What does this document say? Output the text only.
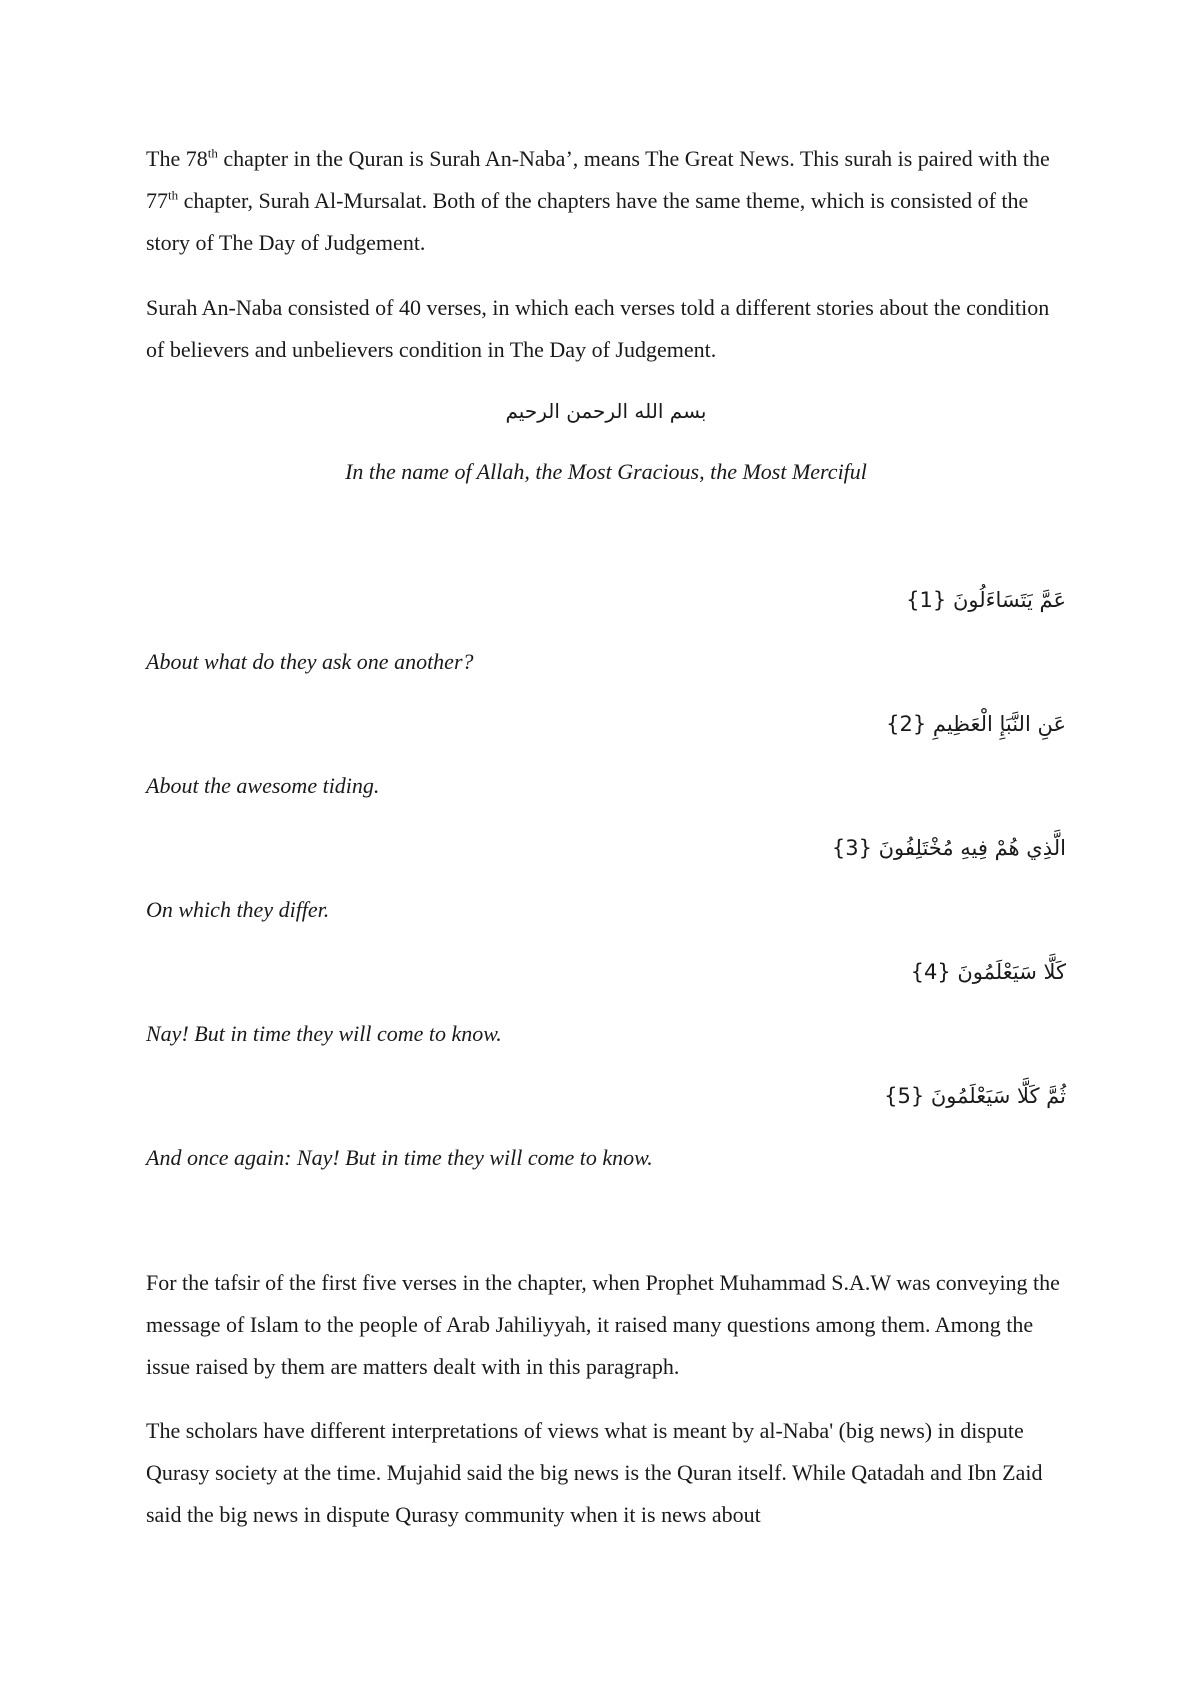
The 78th chapter in the Quran is Surah An-Naba’, means The Great News. This surah is paired with the 77th chapter, Surah Al-Mursalat. Both of the chapters have the same theme, which is consisted of the story of The Day of Judgement.

Surah An-Naba consisted of 40 verses, in which each verses told a different stories about the condition of believers and unbelievers condition in The Day of Judgement.

بسم الله الرحمن الرحيم
In the name of Allah, the Most Gracious, the Most Merciful
عَمَّ يَتَسَاءَلُونَ {1}
About what do they ask one another?
عَنِ النَّبَإِ الْعَظِيمِ {2}
About the awesome tiding.
الَّذِي هُمْ فِيهِ مُخْتَلِفُونَ {3}
On which they differ.
كَلَّا سَيَعْلَمُونَ {4}
Nay! But in time they will come to know.
ثُمَّ كَلَّا سَيَعْلَمُونَ {5}
And once again: Nay! But in time they will come to know.

For the tafsir of the first five verses in the chapter, when Prophet Muhammad S.A.W was conveying the message of Islam to the people of Arab Jahiliyyah, it raised many questions among them. Among the issue raised by them are matters dealt with in this paragraph.

The scholars have different interpretations of views what is meant by al-Naba' (big news) in dispute Qurasy society at the time. Mujahid said the big news is the Quran itself. While Qatadah and Ibn Zaid said the big news in dispute Qurasy community when it is news about
